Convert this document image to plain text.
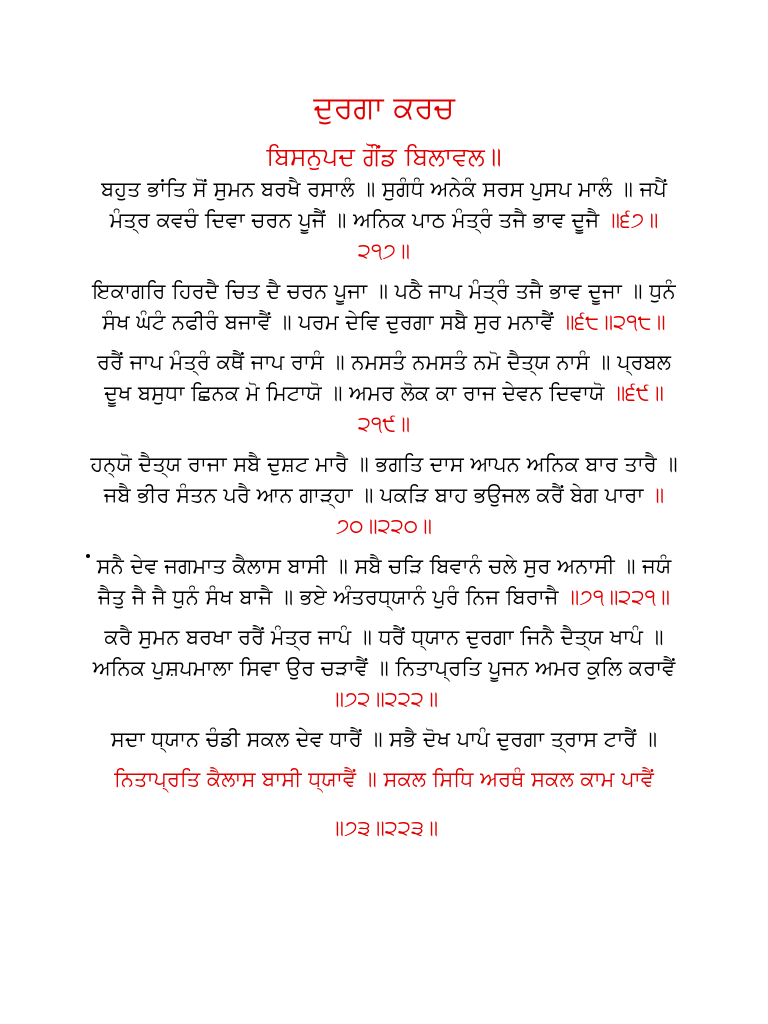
ਦੁਰਗਾ ਕਰਚ
ਬਿਸਨੁਪਦ ਗੌਂਡ ਬਿਲਾਵਲ॥

ਬਹੁਤ ਭਾਂਤਿ ਸੋਂ ਸੁਮਨ ਬਰਖੈ ਰਸਾਲੰ ॥ ਸੁਗੰਧੰ ਅਨੇਕੰ ਸਰਸ ਪੁਸਪ ਮਾਲੰ ॥ ਜਪੈਂ ਮੰਤ੍ਰ ਕਵਚੰ ਦਿਵਾ ਚਰਨ ਪੂਜੈਂ ॥ ਅਨਿਕ ਪਾਠ ਮੰਤ੍ਰੰ ਤਜੈ ਭਾਵ ਦੂਜੈ ॥੬੭॥੨੧੭॥

ਇਕਾਗਰਿ ਹਿਰਦੈ ਚਿਤ ਦੈ ਚਰਨ ਪੂਜਾ ॥ ਪਠੈ ਜਾਪ ਮੰਤ੍ਰੰ ਤਜੈ ਭਾਵ ਦੂਜਾ ॥ ਧੁਨੰ ਸੰਖ ਘੰਟੰ ਨਫੀਰੰ ਬਜਾਵੈਂ ॥ ਪਰਮ ਦੇਵਿ ਦੁਰਗਾ ਸਬੈ ਸੁਰ ਮਨਾਵੈਂ ॥੬੮॥੨੧੮॥

ਰਰੈਂ ਜਾਪ ਮੰਤ੍ਰੰ ਕਥੈਂ ਜਾਪ ਰਾਸੰ ॥ ਨਮਸਤੰ ਨਮਸਤੰ ਨਮੋ ਦੈਤ੍ਯ ਨਾਸੰ ॥ ਪ੍ਰਬਲ ਦੂਖ ਬਸੁਧਾ ਛਿਨਕ ਮੋ ਮਿਟਾਯੋ ॥ ਅਮਰ ਲੋਕ ਕਾ ਰਾਜ ਦੇਵਨ ਦਿਵਾਯੋ ॥੬੯॥੨੧੯॥

ਹਨ੍ਯੋ ਦੈਤ੍ਯ ਰਾਜਾ ਸਬੈ ਦੁਸ਼ਟ ਮਾਰੈ ॥ ਭਗਤਿ ਦਾਸ ਆਪਨ ਅਨਿਕ ਬਾਰ ਤਾਰੈ ॥ ਜਬੈ ਭੀਰ ਸੰਤਨ ਪਰੈ ਆਨ ਗਾੜ੍ਹਾ ॥ ਪਕੜਿ ਬਾਹ ਭਉਜਲ ਕਰੈਂ ਬੇਗ ਪਾਰਾ ॥੭੦॥੨੨੦॥

ਸਨੈ ਦੇਵ ਜਗਮਾਤ ਕੈਲਾਸ ਬਾਸੀ ॥ ਸਬੈ ਚੜਿ ਬਿਵਾਨੰ ਚਲੇ ਸੁਰ ਅਨਾਸੀ ॥ ਜਯੰ ਜੈਤੁ ਜੈ ਜੈ ਧੁਨੰ ਸੰਖ ਬਾਜੈ ॥ ਭਏ ਅੰਤਰਧ੍ਯਾਨੰ ਪੁਰੰ ਨਿਜ ਬਿਰਾਜੈ ॥੭੧॥੨੨੧॥

ਕਰੈ ਸੁਮਨ ਬਰਖਾ ਰਰੈਂ ਮੰਤ੍ਰ ਜਾਪੰ ॥ ਧਰੈਂ ਧ੍ਯਾਨ ਦੁਰਗਾ ਜਿਨੈ ਦੈਤ੍ਯ ਖਾਪੰ ॥ ਅਨਿਕ ਪੁਸ਼ਪਮਾਲਾ ਸਿਵਾ ਉਰ ਚੜਾਵੈਂ ॥ ਨਿਤਾਪ੍ਰਤਿ ਪੂਜਨ ਅਮਰ ਕੁਲਿ ਕਰਾਵੈਂ ॥੭੨॥੨੨੨॥

ਸਦਾ ਧ੍ਯਾਨ ਚੰਡੀ ਸਕਲ ਦੇਵ ਧਾਰੈਂ ॥ ਸਭੈ ਦੋਖ ਪਾਪੰ ਦੁਰਗਾ ਤ੍ਰਾਸ ਟਾਰੈਂ ॥

ਨਿਤਾਪ੍ਰਤਿ ਕੈਲਾਸ ਬਾਸੀ ਧ੍ਯਾਵੈਂ ॥ ਸਕਲ ਸਿਧਿ ਅਰਥੰ ਸਕਲ ਕਾਮ ਪਾਵੈਂ

॥੭੩॥੨੨੩॥
